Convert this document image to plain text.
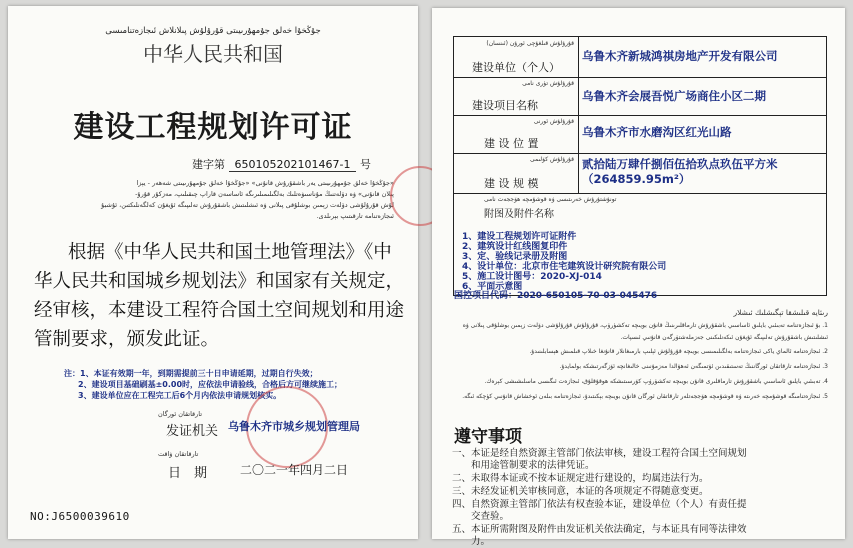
جۇڭخۇا خەلق جۇمھۇرىيىتى قۇرۇلۇش پىلانلاش ئىجازەتنامىسى
中华人民共和国
建设工程规划许可证
建字第 650105202101467-1 号
«جۇڭخۇا خەلق جۇمھۇرىيىتى يەر باشقۇرۇش قانۇنى» «جۇڭخۇا خەلق جۇمھۇرىيىتى شەھەر - يېزا
پىلان قانۇنى» ۋە دۆلەتنىڭ مۇناسىۋەتلىك بەلگىلىمىلىرىگە ئاساسەن قاراپ چىقىلىپ، مەزكۇر قۇرۇ-
لۇش قۇرۇلۇشى دۆلەت زېمىن بوشلۇقى پىلانى ۋە ئىشلىتىش باشقۇرۇش تەلىپىگە ئۇيغۇن كەلگەنلىكتىن، ئۇشبۇ
ئىجازەتنامە تارقىتىپ بېرىلدى.
根据《中华人民共和国土地管理法》《中
华人民共和国城乡规划法》和国家有关规定，
经审核，本建设工程符合国土空间规划和用途
管制要求，颁发此证。
注：1、本证有效期一年，到期需提前三十日申请延期，过期自行失效；
2、建设项目基础刷基±0.00时，应依法申请验线，合格后方可继续施工；
3、建设单位应在工程完工后6个月内依法申请规划核实。
تارقاتقان ئورگان
发证机关 乌鲁木齐市城乡规划管理局
تارقاتقان ۋاقت
日　期	二〇二一年四月二日
NO:J6500039610
قۇرۇلۇش قىلغۇچى ئورۇن (ئىنسان)
建设单位（个人）
乌鲁木齐新城鸿祺房地产开发有限公司
قۇرۇلۇش تۈرى نامى
建设项目名称
乌鲁木齐会展吾悦广场商住小区二期
قۇرۇلۇش ئورنى
建 设 位 置
乌鲁木齐市水磨沟区红光山路
قۇرۇلۇش كۆلىمى
建 设 规 模
贰拾陆万肆仟捌佰伍拾玖点玖伍平方米（264859.95m²）
تونۇشتۇرۇش خەرىتىسى ۋە قوشۇمچە ھۆججەت نامى
附图及附件名称
1、建设工程规划许可证附件
2、建筑设计红线图复印件
3、定、验线记录册及附图
4、设计单位：北京市住宅建筑设计研究院有限公司
5、施工设计图号：2020-XJ-014
6、平面示意图
国控项目代码：2020-650105-70-03-045476
رىئايە قىلىشقا تېگىشلىك ئىشلار
1. بۇ ئىجازەتنامە تەبىئىي بايلىق ئاساسىي باشقۇرۇش تارماقلىرىنىڭ قانۇن بويىچە تەكشۈرۈپ، قۇرۇلۇش قۇرۇلۇشى دۆلەت زېمىن بوشلۇقى پىلانى ۋە
ئىشلىتىش باشقۇرۇش تەلىپىگە ئۇيغۇن ئىكەنلىكىنى جەزملەشتۈرگەن قانۇنىي ئىسپات.
2. ئىجازەتنامە ئالماي ياكى ئىجازەتنامە بەلگىلىمىسى بويىچە قۇرۇلۇش ئېلىپ بارمىغانلار قانۇنغا خىلاپ قىلمىش ھېسابلىنىدۇ.
3. ئىجازەتنامە تارقاتقان ئورگاننىڭ تەستىقىدىن ئۆتمىگەن ئەھۋالدا مەزمۇنىنى خالىغانچە ئۆزگەرتىشكە بولمايدۇ.
4. تەبىئىي بايلىق ئاساسىي باشقۇرۇش تارماقلىرى قانۇن بويىچە تەكشۈرۈپ كۆرسىتىشكە ھوقۇقلۇق، ئىجازەت ئىگىسى ماسلىشىشى كېرەك.
5. ئىجازەتنامىگە قوشۇمچە خەرىتە ۋە قوشۇمچە ھۆججەتلەر تارقاتقان ئورگان قانۇن بويىچە بېكىتىدۇ، ئىجازەتنامە بىلەن ئوخشاش قانۇنىي كۈچكە ئىگە.
遵守事项
一、本证是经自然资源主管部门依法审核，建设工程符合国土空间规划
　　和用途管制要求的法律凭证。
二、未取得本证或不按本证规定进行建设的，均属违法行为。
三、未经发证机关审核同意，本证的各项规定不得随意变更。
四、自然资源主管部门依法有权查验本证，建设单位（个人）有责任提
　　交查验。
五、本证所需附图及附件由发证机关依法确定，与本证具有同等法律效
　　力。
